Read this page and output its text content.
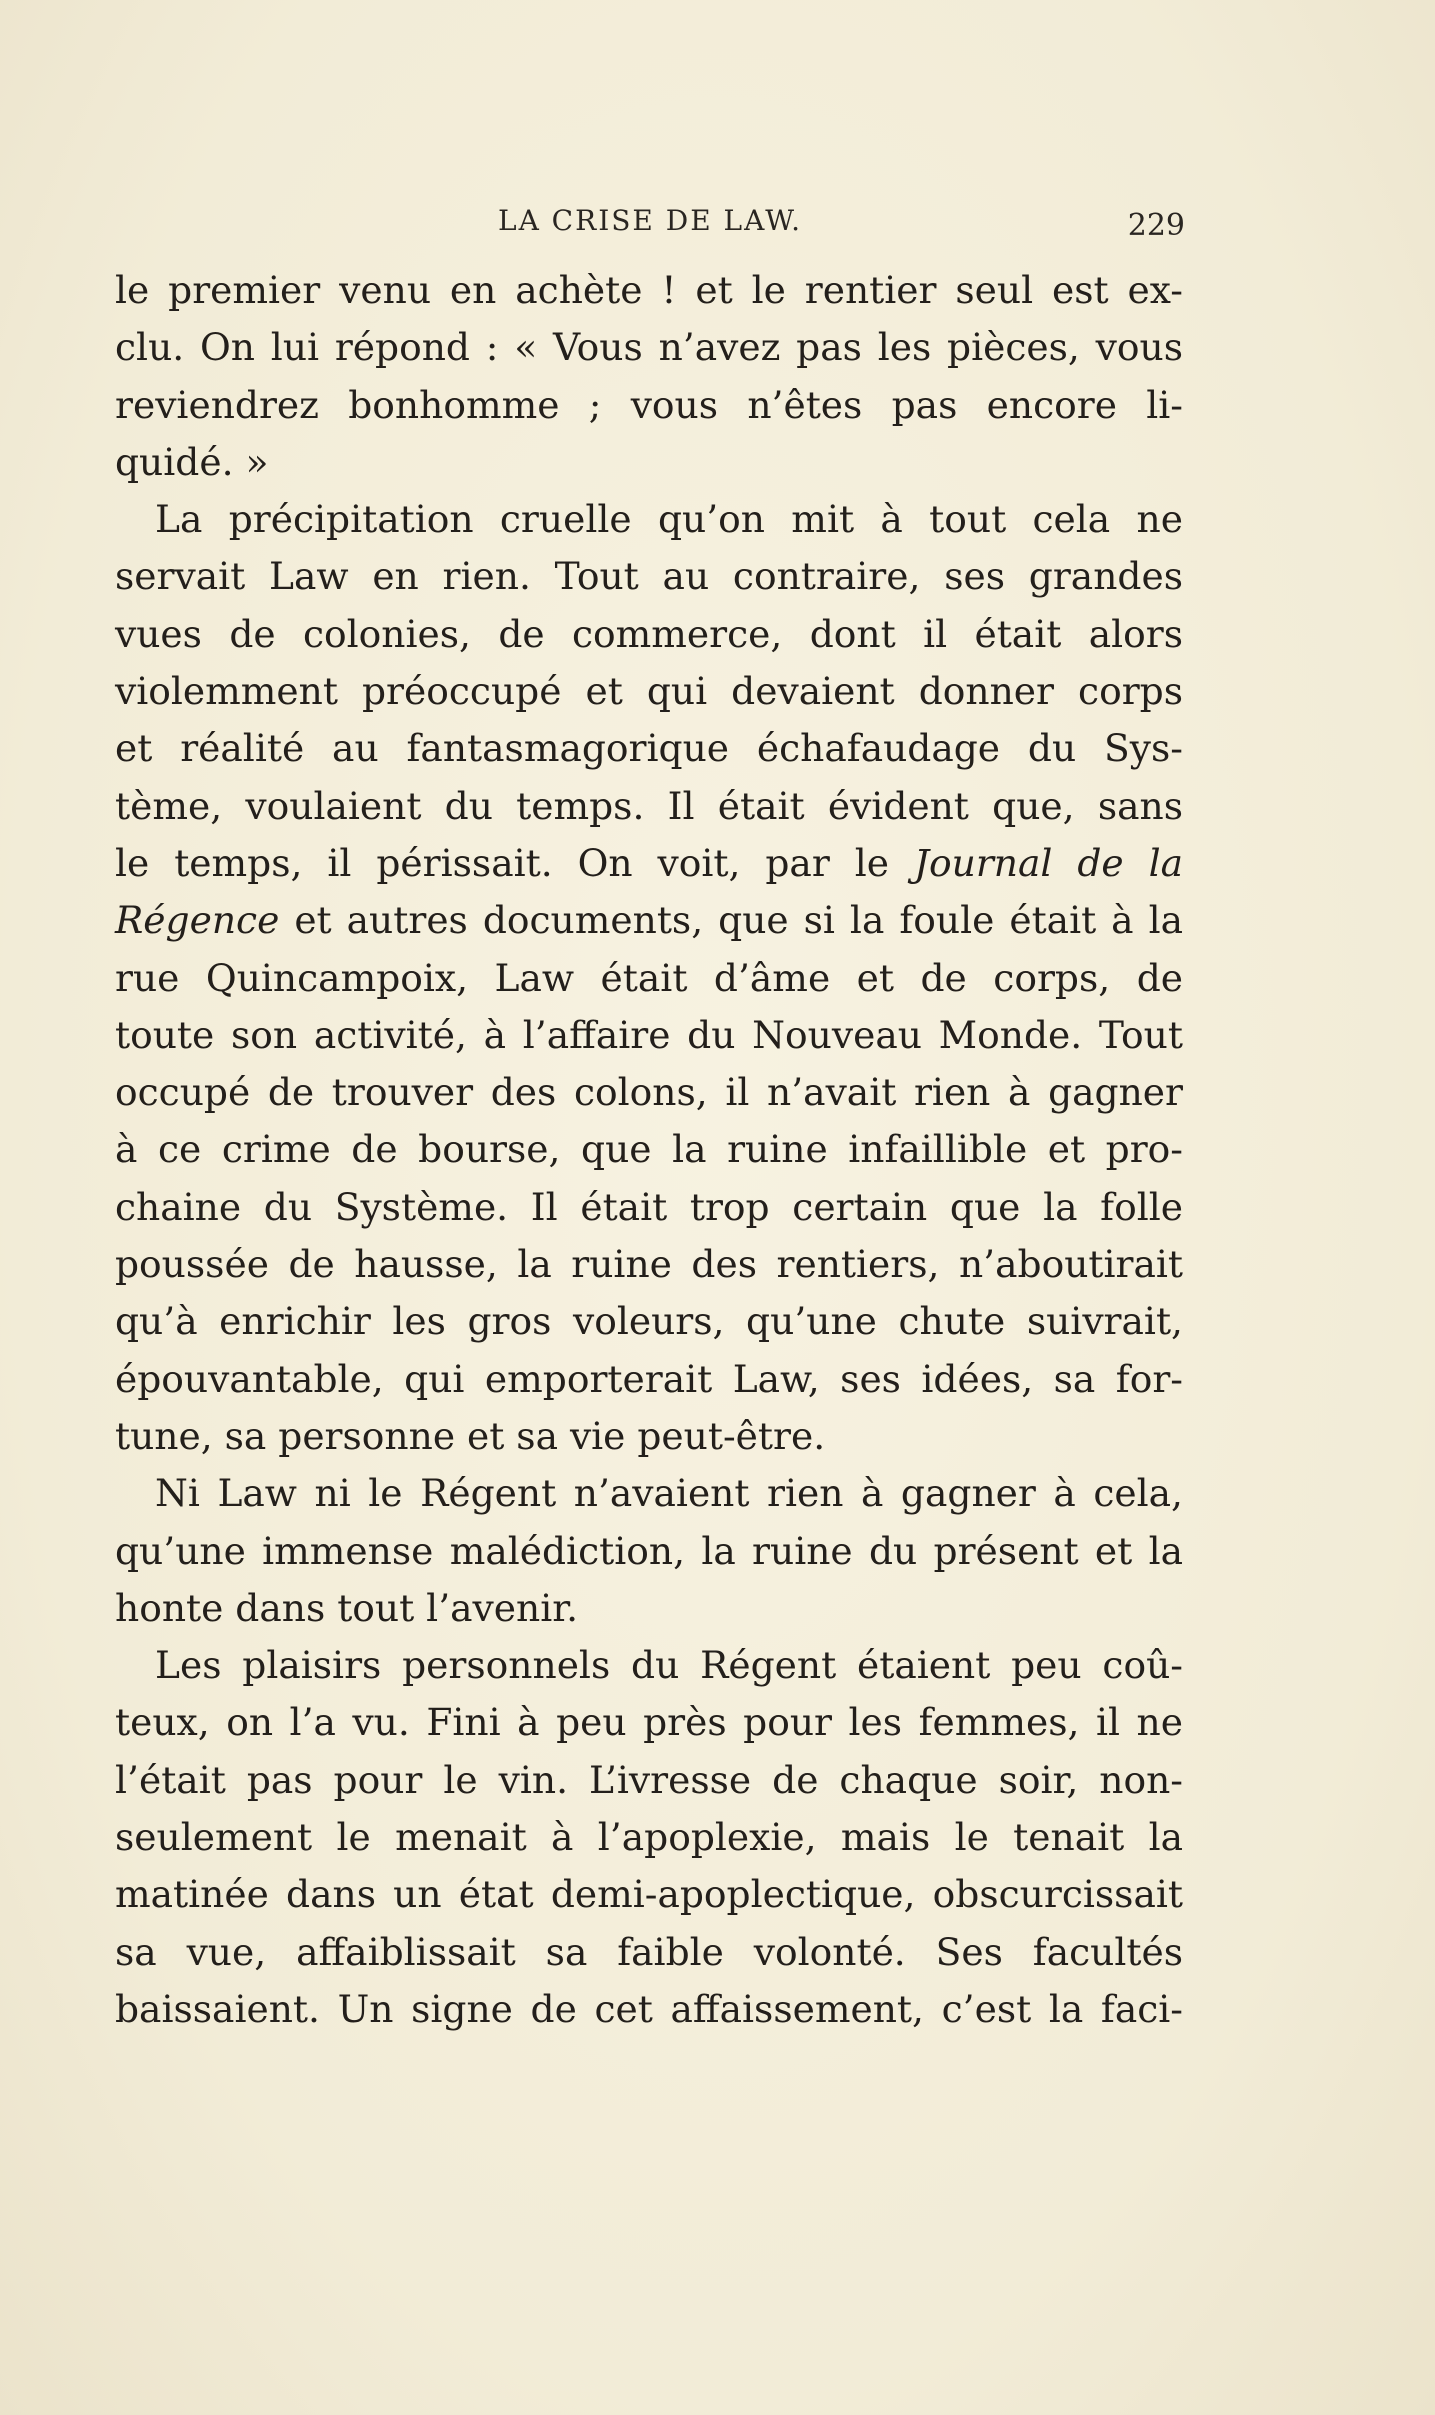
LA CRISE DE LAW.	229
le premier venu en achète ! et le rentier seul est ex-
clu. On lui répond : « Vous n’avez pas les pièces, vous
reviendrez bonhomme ; vous n’êtes pas encore li-
quidé. »
La précipitation cruelle qu’on mit à tout cela ne
servait Law en rien. Tout au contraire, ses grandes
vues de colonies, de commerce, dont il était alors
violemment préoccupé et qui devaient donner corps
et réalité au fantasmagorique échafaudage du Sys-
tème, voulaient du temps. Il était évident que, sans
le temps, il périssait. On voit, par le Journal de la
Régence et autres documents, que si la foule était à la
rue Quincampoix, Law était d’âme et de corps, de
toute son activité, à l’affaire du Nouveau Monde. Tout
occupé de trouver des colons, il n’avait rien à gagner
à ce crime de bourse, que la ruine infaillible et pro-
chaine du Système. Il était trop certain que la folle
poussée de hausse, la ruine des rentiers, n’aboutirait
qu’à enrichir les gros voleurs, qu’une chute suivrait,
épouvantable, qui emporterait Law, ses idées, sa for-
tune, sa personne et sa vie peut-être.
Ni Law ni le Régent n’avaient rien à gagner à cela,
qu’une immense malédiction, la ruine du présent et la
honte dans tout l’avenir.
Les plaisirs personnels du Régent étaient peu coû-
teux, on l’a vu. Fini à peu près pour les femmes, il ne
l’était pas pour le vin. L’ivresse de chaque soir, non-
seulement le menait à l’apoplexie, mais le tenait la
matinée dans un état demi-apoplectique, obscurcissait
sa vue, affaiblissait sa faible volonté. Ses facultés
baissaient. Un signe de cet affaissement, c’est la faci-
